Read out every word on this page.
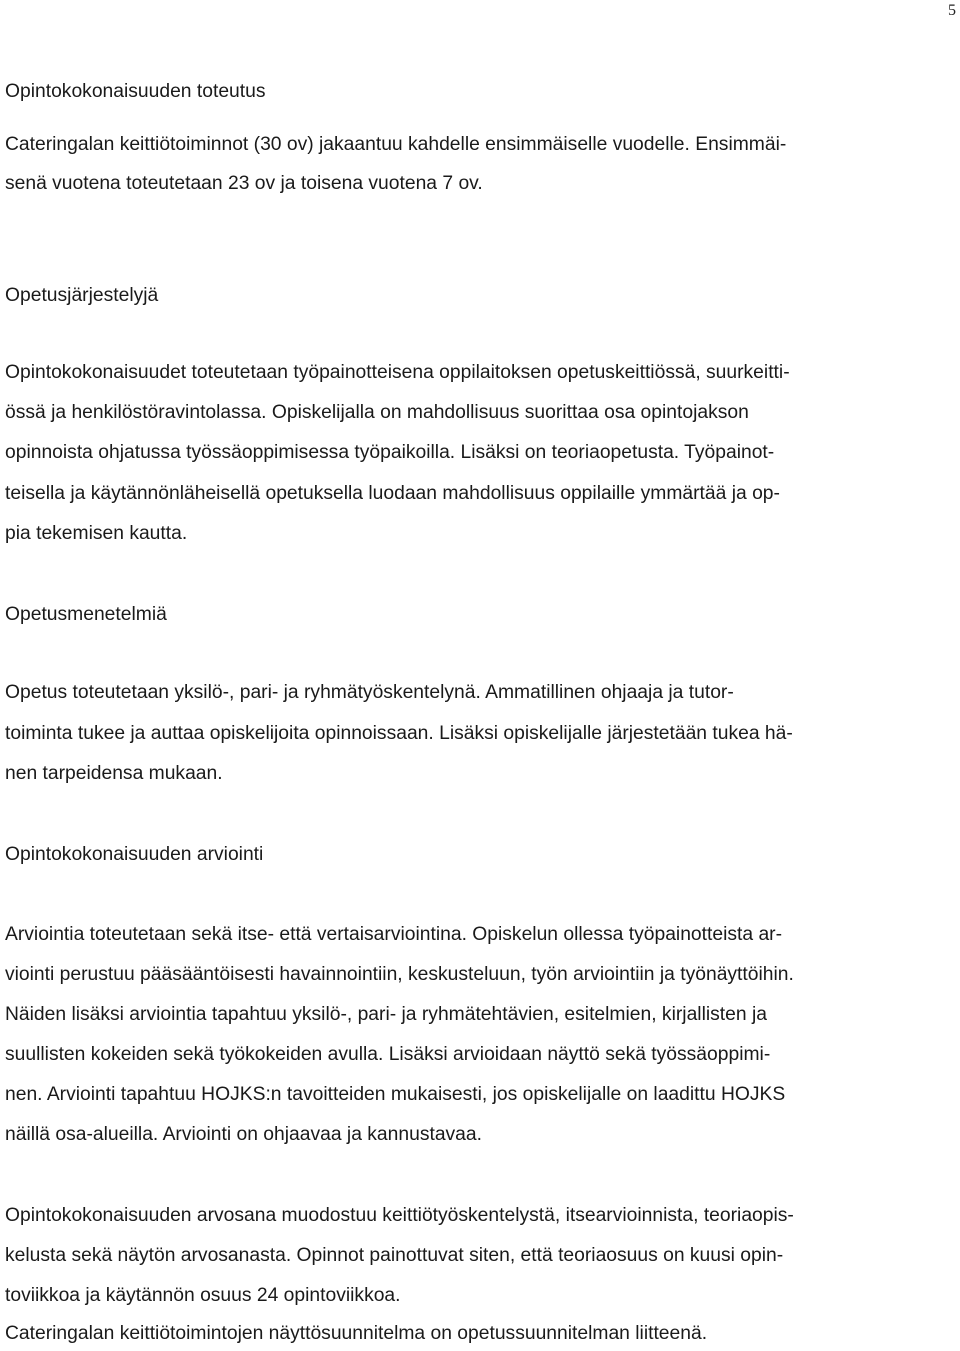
5
Opintokokonaisuuden toteutus
Cateringalan keittiötoiminnot (30 ov) jakaantuu kahdelle ensimmäiselle vuodelle. Ensimmäi-
senä vuotena toteutetaan 23 ov ja toisena vuotena 7 ov.
Opetusjärjestelyjä
Opintokokonaisuudet toteutetaan työpainotteisena oppilaitoksen opetuskeittiössä, suurkeitti-
össä ja henkilöstöravintolassa. Opiskelijalla on mahdollisuus suorittaa osa opintojakson
opinnoista ohjatussa työssäoppimisessa työpaikoilla. Lisäksi on teoriaopetusta. Työpainot-
teisella ja käytännönläheisellä opetuksella luodaan mahdollisuus oppilaille ymmärtää ja op-
pia tekemisen kautta.
Opetusmenetelmiä
Opetus toteutetaan yksilö-, pari- ja ryhmätyöskentelynä. Ammatillinen ohjaaja ja tutor-
toiminta tukee ja auttaa opiskelijoita opinnoissaan. Lisäksi opiskelijalle järjestetään tukea hä-
nen tarpeidensa mukaan.
Opintokokonaisuuden arviointi
Arviointia toteutetaan sekä itse- että vertaisarviointina. Opiskelun ollessa työpainotteista ar-
viointi perustuu pääsääntöisesti havainnointiin, keskusteluun, työn arviointiin ja työnäyttöihin.
Näiden lisäksi arviointia tapahtuu yksilö-, pari- ja ryhmätehtävien, esitelmien, kirjallisten ja
suullisten kokeiden sekä työkokeiden avulla. Lisäksi arvioidaan näyttö sekä työssäoppimi-
nen. Arviointi tapahtuu HOJKS:n tavoitteiden mukaisesti, jos opiskelijalle on laadittu HOJKS
näillä osa-alueilla. Arviointi on ohjaavaa ja kannustavaa.
Opintokokonaisuuden arvosana muodostuu keittiötyöskentelystä, itsearvioinnista, teoriaopis-
kelusta sekä näytön arvosanasta. Opinnot painottuvat siten, että teoriaosuus on kuusi opin-
toviikkoa ja käytännön osuus 24 opintoviikkoa.
Cateringalan keittiötoimintojen näyttösuunnitelma on opetussuunnitelman liitteenä.
